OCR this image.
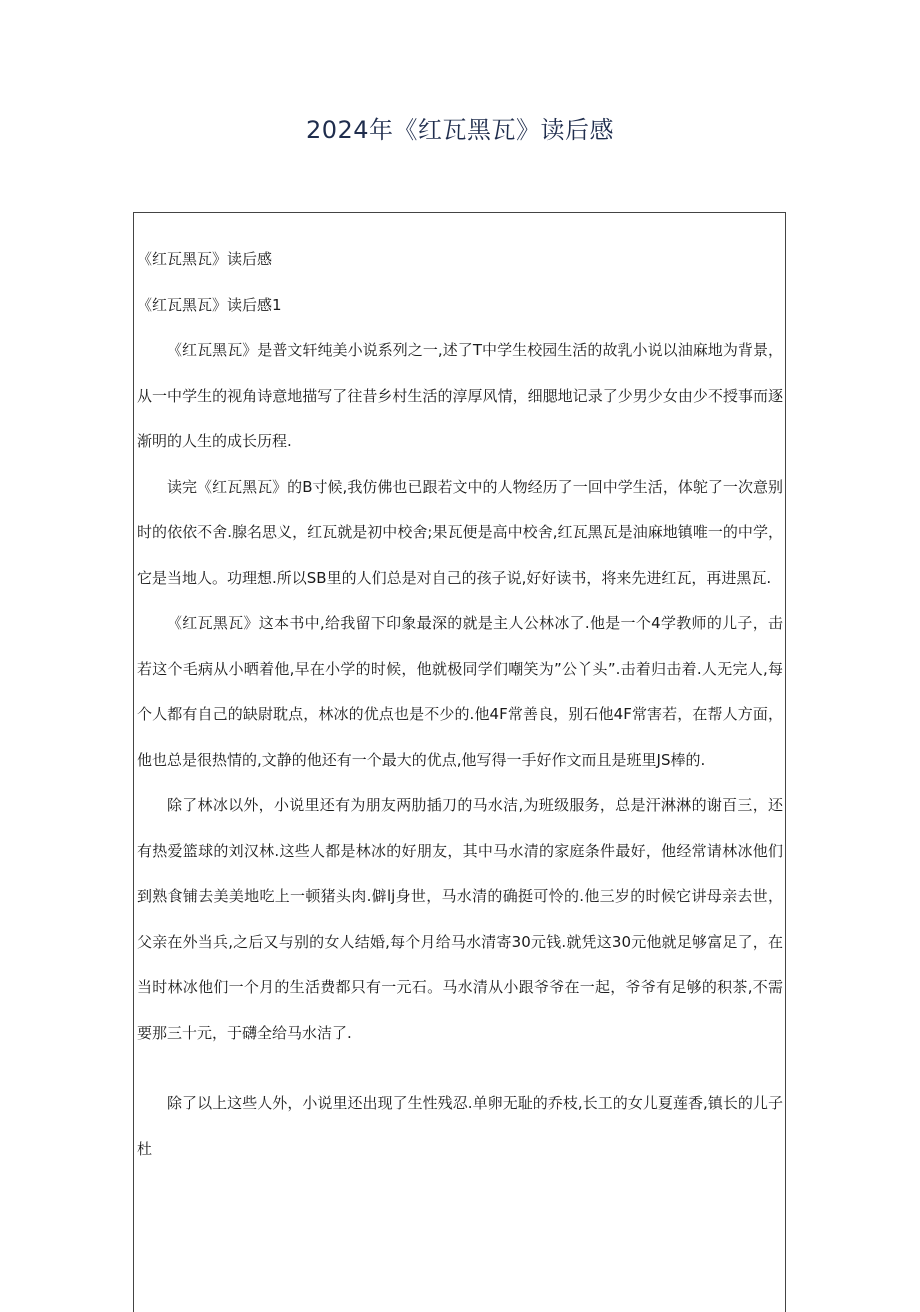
2024年《红瓦黑瓦》读后感

《红瓦黑瓦》读后感

《红瓦黑瓦》读后感1

《红瓦黑瓦》是普文轩纯美小说系列之一,述了T中学生校园生活的故乳小说以油麻地为背景，从一中学生的视角诗意地描写了往昔乡村生活的淳厚风情，细腮地记录了少男少女由少不授事而逐渐明的人生的成长历程.

读完《红瓦黑瓦》的B寸候,我仿佛也已跟若文中的人物经历了一回中学生活，体鸵了一次意别时的依依不舍.腺名思义，红瓦就是初中校舍;果瓦便是高中校舍,红瓦黑瓦是油麻地镇唯一的中学，它是当地人。功理想.所以SB里的人们总是对自己的孩子说,好好读书，将来先进红瓦，再进黑瓦.

《红瓦黑瓦》这本书中,给我留下印象最深的就是主人公林冰了.他是一个4学教师的儿子，击若这个毛病从小晒着他,早在小学的时候，他就极同学们嘲笑为”公丫头”.击着归击着.人无完人,每个人都有自己的缺尉耽点，林冰的优点也是不少的.他4F常善良，别石他4F常害若，在帮人方面，他也总是很热情的,文静的他还有一个最大的优点,他写得一手好作文而且是班里JS棒的.

除了林冰以外，小说里还有为朋友两肋插刀的马水洁,为班级服务，总是汗淋淋的谢百三，还有热爱篮球的刘汉林.这些人都是林冰的好朋友，其中马水清的家庭条件最好，他经常请林冰他们到熟食铺去美美地吃上一顿猪头肉.僻lj身世，马水清的确挺可怜的.他三岁的时候它讲母亲去世，父亲在外当兵,之后又与别的女人结婚,每个月给马水清寄30元钱.就凭这30元他就足够富足了，在当时林冰他们一个月的生活费都只有一元石。马水清从小跟爷爷在一起，爷爷有足够的积茶,不需要那三十元，于礴全给马水洁了.

除了以上这些人外，小说里还出现了生性残忍.单卵无耻的乔枝,长工的女儿夏莲香,镇长的儿子杜
